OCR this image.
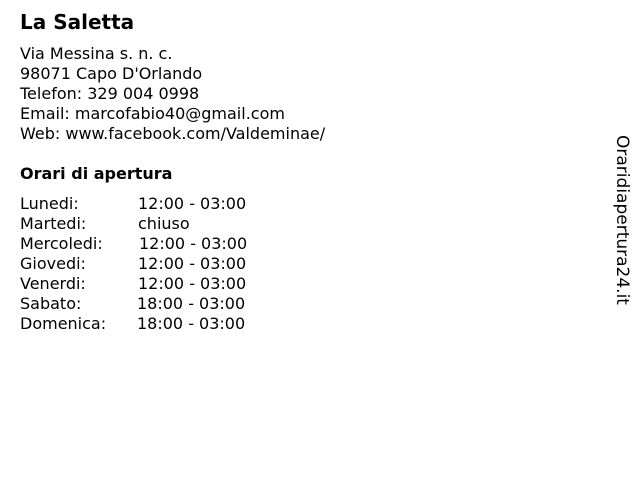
La Saletta
Via Messina s. n. c.
98071 Capo D'Orlando
Telefon: 329 004 0998
Email: marcofabio40@gmail.com
Web: www.facebook.com/Valdeminae/
Orari di apertura
Lunedi:	12:00 - 03:00
Martedi:	chiuso
Mercoledi: 12:00 - 03:00
Giovedi:	12:00 - 03:00
Venerdi:	12:00 - 03:00
Sabato:	18:00 - 03:00
Domenica: 18:00 - 03:00
Oraridiapertura24.it
